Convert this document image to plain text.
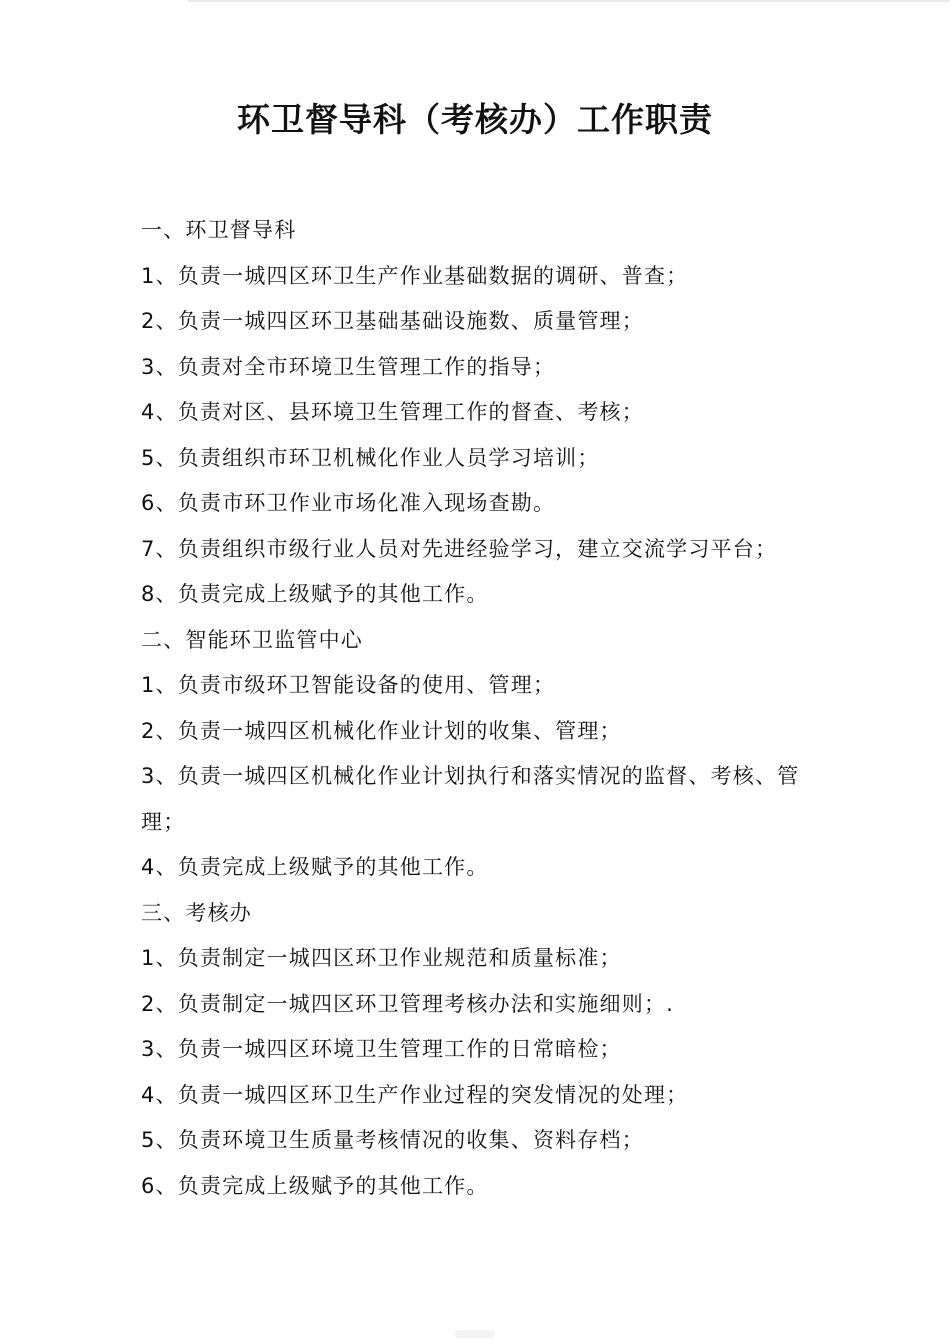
环卫督导科（考核办）工作职责
一、环卫督导科
1、负责一城四区环卫生产作业基础数据的调研、普查；
2、负责一城四区环卫基础基础设施数、质量管理；
3、负责对全市环境卫生管理工作的指导；
4、负责对区、县环境卫生管理工作的督查、考核；
5、负责组织市环卫机械化作业人员学习培训；
6、负责市环卫作业市场化准入现场查勘。
7、负责组织市级行业人员对先进经验学习，建立交流学习平台；
8、负责完成上级赋予的其他工作。
二、智能环卫监管中心
1、负责市级环卫智能设备的使用、管理；
2、负责一城四区机械化作业计划的收集、管理；
3、负责一城四区机械化作业计划执行和落实情况的监督、考核、管理；
4、负责完成上级赋予的其他工作。
三、考核办
1、负责制定一城四区环卫作业规范和质量标准；
2、负责制定一城四区环卫管理考核办法和实施细则；.
3、负责一城四区环境卫生管理工作的日常暗检；
4、负责一城四区环卫生产作业过程的突发情况的处理；
5、负责环境卫生质量考核情况的收集、资料存档；
6、负责完成上级赋予的其他工作。
